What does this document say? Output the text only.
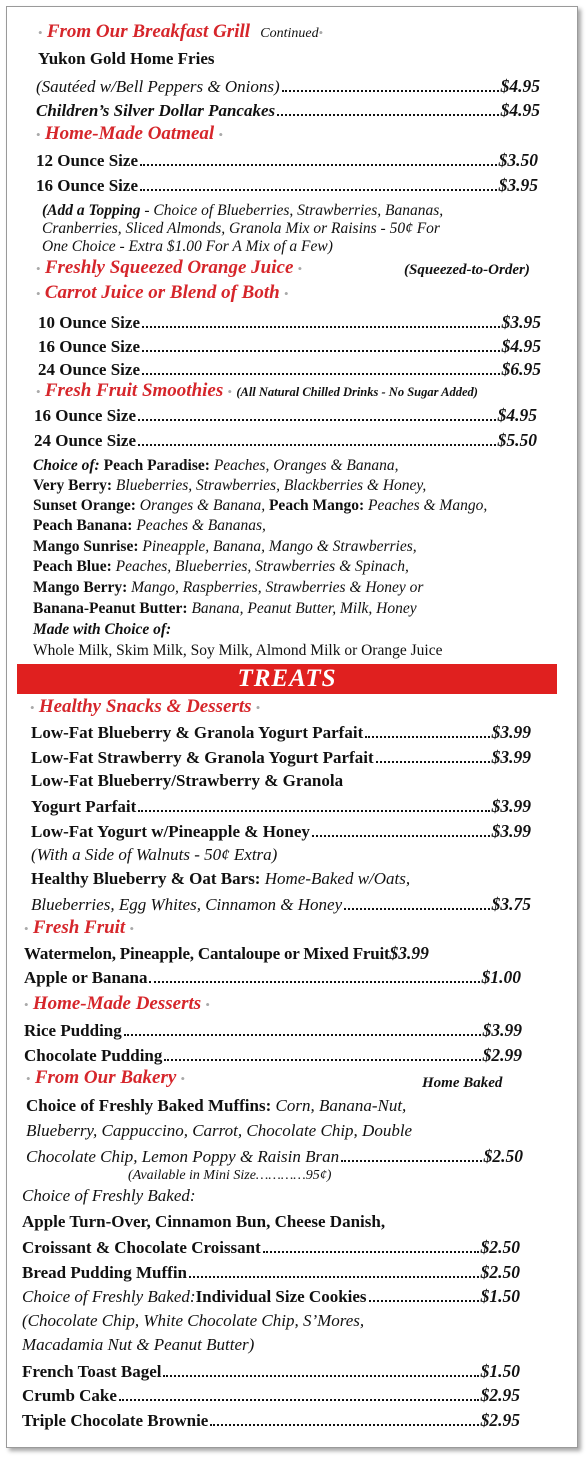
• From Our Breakfast Grill Continued•
Yukon Gold Home Fries
(Sautéed w/Bell Peppers & Onions)	$4.95
Children’s Silver Dollar Pancakes	$4.95
• Home-Made Oatmeal •
12 Ounce Size	$3.50
16 Ounce Size	$3.95
(Add a Topping - Choice of Blueberries, Strawberries, Bananas,
Cranberries, Sliced Almonds, Granola Mix or Raisins - 50¢ For
One Choice - Extra $1.00 For A Mix of a Few)
• Freshly Squeezed Orange Juice •	(Squeezed-to-Order)
• Carrot Juice or Blend of Both •
10 Ounce Size	$3.95
16 Ounce Size	$4.95
24 Ounce Size	$6.95
• Fresh Fruit Smoothies • (All Natural Chilled Drinks - No Sugar Added)
16 Ounce Size	$4.95
24 Ounce Size	$5.50
Choice of: Peach Paradise: Peaches, Oranges & Banana,
Very Berry: Blueberries, Strawberries, Blackberries & Honey,
Sunset Orange: Oranges & Banana, Peach Mango: Peaches & Mango,
Peach Banana: Peaches & Bananas,
Mango Sunrise: Pineapple, Banana, Mango & Strawberries,
Peach Blue: Peaches, Blueberries, Strawberries & Spinach,
Mango Berry: Mango, Raspberries, Strawberries & Honey or
Banana-Peanut Butter: Banana, Peanut Butter, Milk, Honey
Made with Choice of:
Whole Milk, Skim Milk, Soy Milk, Almond Milk or Orange Juice
TREATS
• Healthy Snacks & Desserts •
Low-Fat Blueberry & Granola Yogurt Parfait	$3.99
Low-Fat Strawberry & Granola Yogurt Parfait	$3.99
Low-Fat Blueberry/Strawberry & Granola
Yogurt Parfait	$3.99
Low-Fat Yogurt w/Pineapple & Honey	$3.99
(With a Side of Walnuts - 50¢ Extra)
Healthy Blueberry & Oat Bars: Home-Baked w/Oats,
Blueberries, Egg Whites, Cinnamon & Honey	$3.75
• Fresh Fruit •
Watermelon, Pineapple, Cantaloupe or Mixed Fruit $3.99
Apple or Banana	$1.00
• Home-Made Desserts •
Rice Pudding	$3.99
Chocolate Pudding	$2.99
• From Our Bakery •	Home Baked
Choice of Freshly Baked Muffins: Corn, Banana-Nut,
Blueberry, Cappuccino, Carrot, Chocolate Chip, Double
Chocolate Chip, Lemon Poppy & Raisin Bran	$2.50
(Available in Mini Size…………95¢)
Choice of Freshly Baked:
Apple Turn-Over, Cinnamon Bun, Cheese Danish,
Croissant & Chocolate Croissant	$2.50
Bread Pudding Muffin	$2.50
Choice of Freshly Baked: Individual Size Cookies	$1.50
(Chocolate Chip, White Chocolate Chip, S’Mores,
Macadamia Nut & Peanut Butter)
French Toast Bagel	$1.50
Crumb Cake	$2.95
Triple Chocolate Brownie	$2.95
